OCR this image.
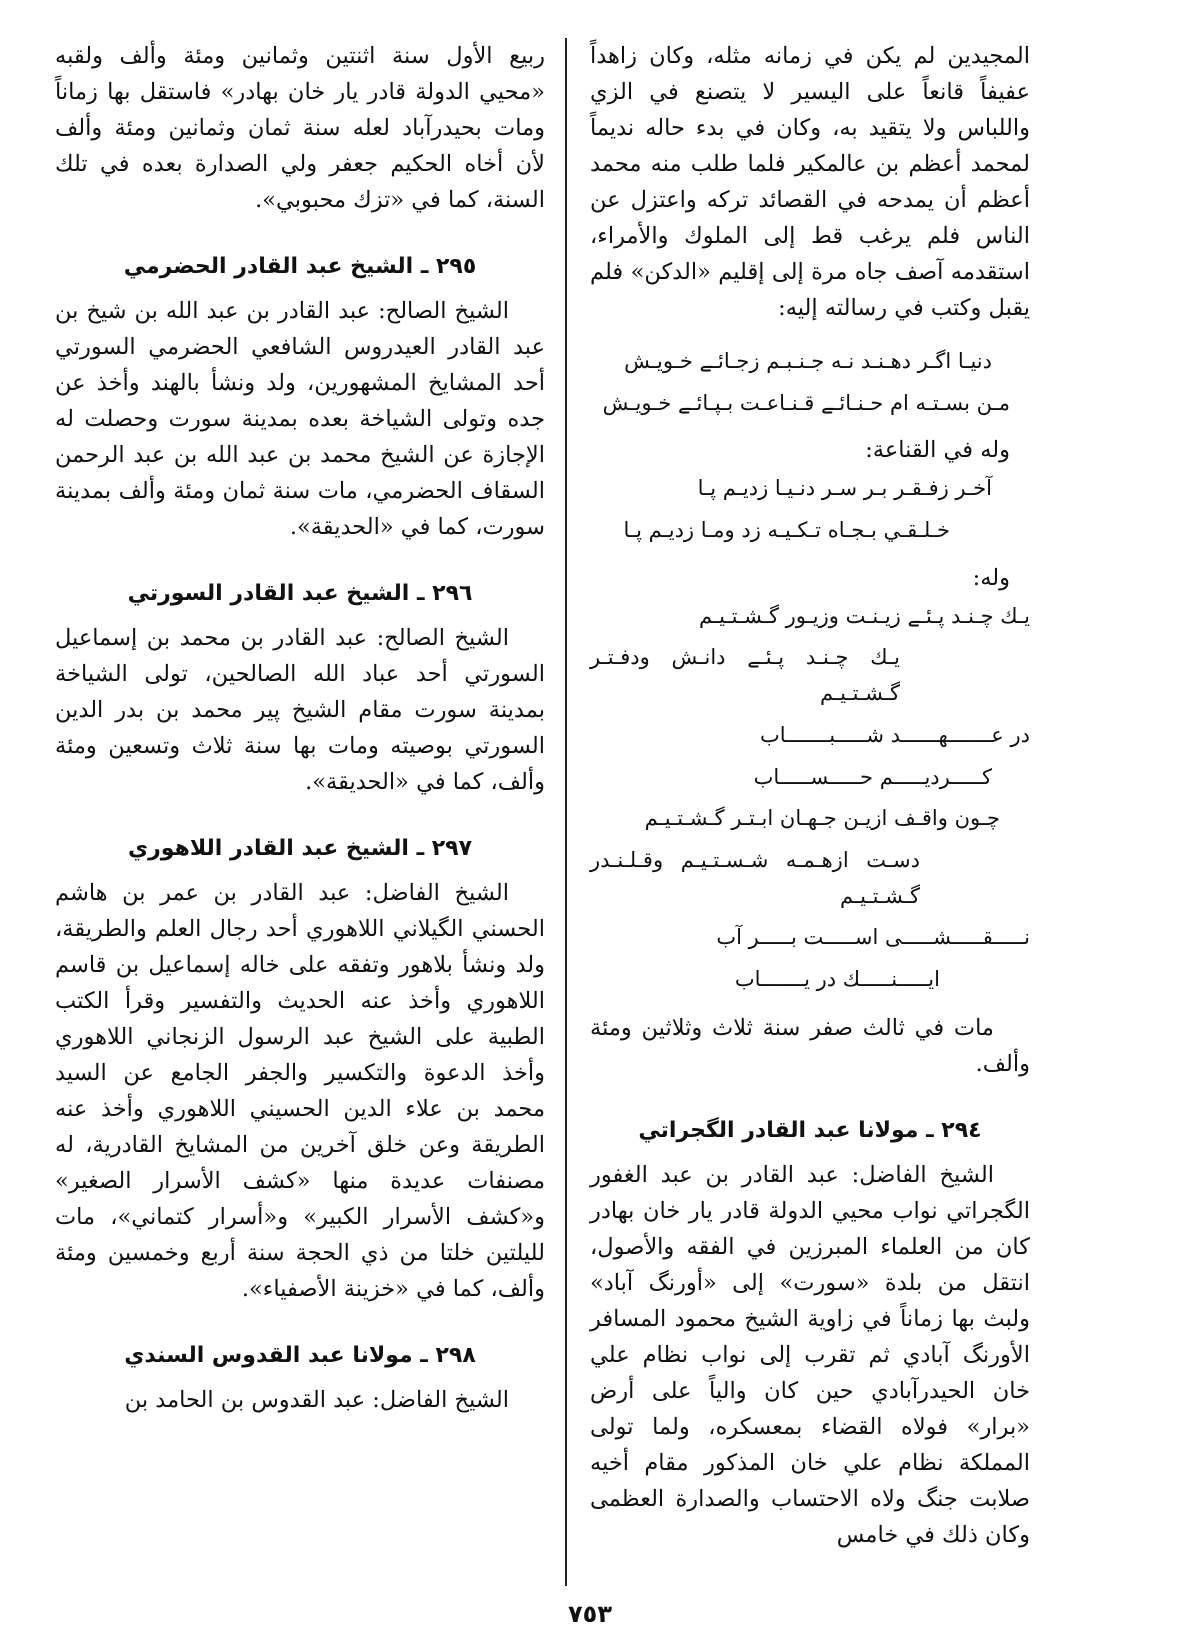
المجيدين لم يكن في زمانه مثله، وكان زاهداً عفيفاً قانعاً على اليسير لا يتصنع في الزي واللباس ولا يتقيد به، وكان في بدء حاله نديماً لمحمد أعظم بن عالمكير فلما طلب منه محمد أعظم أن يمدحه في القصائد تركه واعتزل عن الناس فلم يرغب قط إلى الملوك والأمراء، استقدمه آصف جاه مرة إلى إقليم «الدكن» فلم يقبل وكتب في رسالته إليه:

دنيـا اگـر دهـنـد نـه جـنـبـم زجـائـے خـويـش
مـن بسـتـه ام حـنـائـے قـنـاعـت بـپـائـے خـويـش
وله في القناعة:
آخـر زفـقـر بـر سـر دنـيـا زديـم پـا
خـلـقـي بـجـاه تـكـيـه زد ومـا زديـم پـا
وله:
يـك چـنـد پـئـے زيـنـت وزيـور گـشـتـيـم
يـك چـنـد پـئـے دانـش ودفـتـر گـشـتـيـم
در عـــــــهــــــد شـــــبـــــــاب
كـــــرديـــــم حـــــســـــاب
چـون واقـف ازيـن جـهـان ابـتـر گـشـتـيـم
دسـت ازهـمـه شـسـتـيـم وقـلـنـدر گـشـتـيـم
نـــــقـــــشـــــى اســـــت بـــــر آب
ايـــــنـــــك در يـــــــاب

مات في ثالث صفر سنة ثلاث وثلاثين ومئة وألف.

٢٩٤ ـ مولانا عبد القادر الگجراتي

الشيخ الفاضل: عبد القادر بن عبد الغفور الگجراتي نواب محيي الدولة قادر يار خان بهادر كان من العلماء المبرزين في الفقه والأصول، انتقل من بلدة «سورت» إلى «أورنگ آباد» ولبث بها زماناً في زاوية الشيخ محمود المسافر الأورنگ آبادي ثم تقرب إلى نواب نظام علي خان الحيدرآبادي حين كان والياً على أرض «برار» فولاه القضاء بمعسكره، ولما تولى المملكة نظام علي خان المذكور مقام أخيه صلابت جنگ ولاه الاحتساب والصدارة العظمى وكان ذلك في خامس

ربيع الأول سنة اثنتين وثمانين ومئة وألف ولقبه «محيي الدولة قادر يار خان بهادر» فاستقل بها زماناً ومات بحيدرآباد لعله سنة ثمان وثمانين ومئة وألف لأن أخاه الحكيم جعفر ولي الصدارة بعده في تلك السنة، كما في «تزك محبوبي».

٢٩٥ ـ الشيخ عبد القادر الحضرمي

الشيخ الصالح: عبد القادر بن عبد الله بن شيخ بن عبد القادر العيدروس الشافعي الحضرمي السورتي أحد المشايخ المشهورين، ولد ونشأ بالهند وأخذ عن جده وتولى الشياخة بعده بمدينة سورت وحصلت له الإجازة عن الشيخ محمد بن عبد الله بن عبد الرحمن السقاف الحضرمي، مات سنة ثمان ومئة وألف بمدينة سورت، كما في «الحديقة».

٢٩٦ ـ الشيخ عبد القادر السورتي

الشيخ الصالح: عبد القادر بن محمد بن إسماعيل السورتي أحد عباد الله الصالحين، تولى الشياخة بمدينة سورت مقام الشيخ پير محمد بن بدر الدين السورتي بوصيته ومات بها سنة ثلاث وتسعين ومئة وألف، كما في «الحديقة».

٢٩٧ ـ الشيخ عبد القادر اللاهوري

الشيخ الفاضل: عبد القادر بن عمر بن هاشم الحسني الگيلاني اللاهوري أحد رجال العلم والطريقة، ولد ونشأ بلاهور وتفقه على خاله إسماعيل بن قاسم اللاهوري وأخذ عنه الحديث والتفسير وقرأ الكتب الطبية على الشيخ عبد الرسول الزنجاني اللاهوري وأخذ الدعوة والتكسير والجفر الجامع عن السيد محمد بن علاء الدين الحسيني اللاهوري وأخذ عنه الطريقة وعن خلق آخرين من المشايخ القادرية، له مصنفات عديدة منها «كشف الأسرار الصغير» و«كشف الأسرار الكبير» و«أسرار كتماني»، مات لليلتين خلتا من ذي الحجة سنة أربع وخمسين ومئة وألف، كما في «خزينة الأصفياء».

٢٩٨ ـ مولانا عبد القدوس السندي

الشيخ الفاضل: عبد القدوس بن الحامد بن

٧٥٣
